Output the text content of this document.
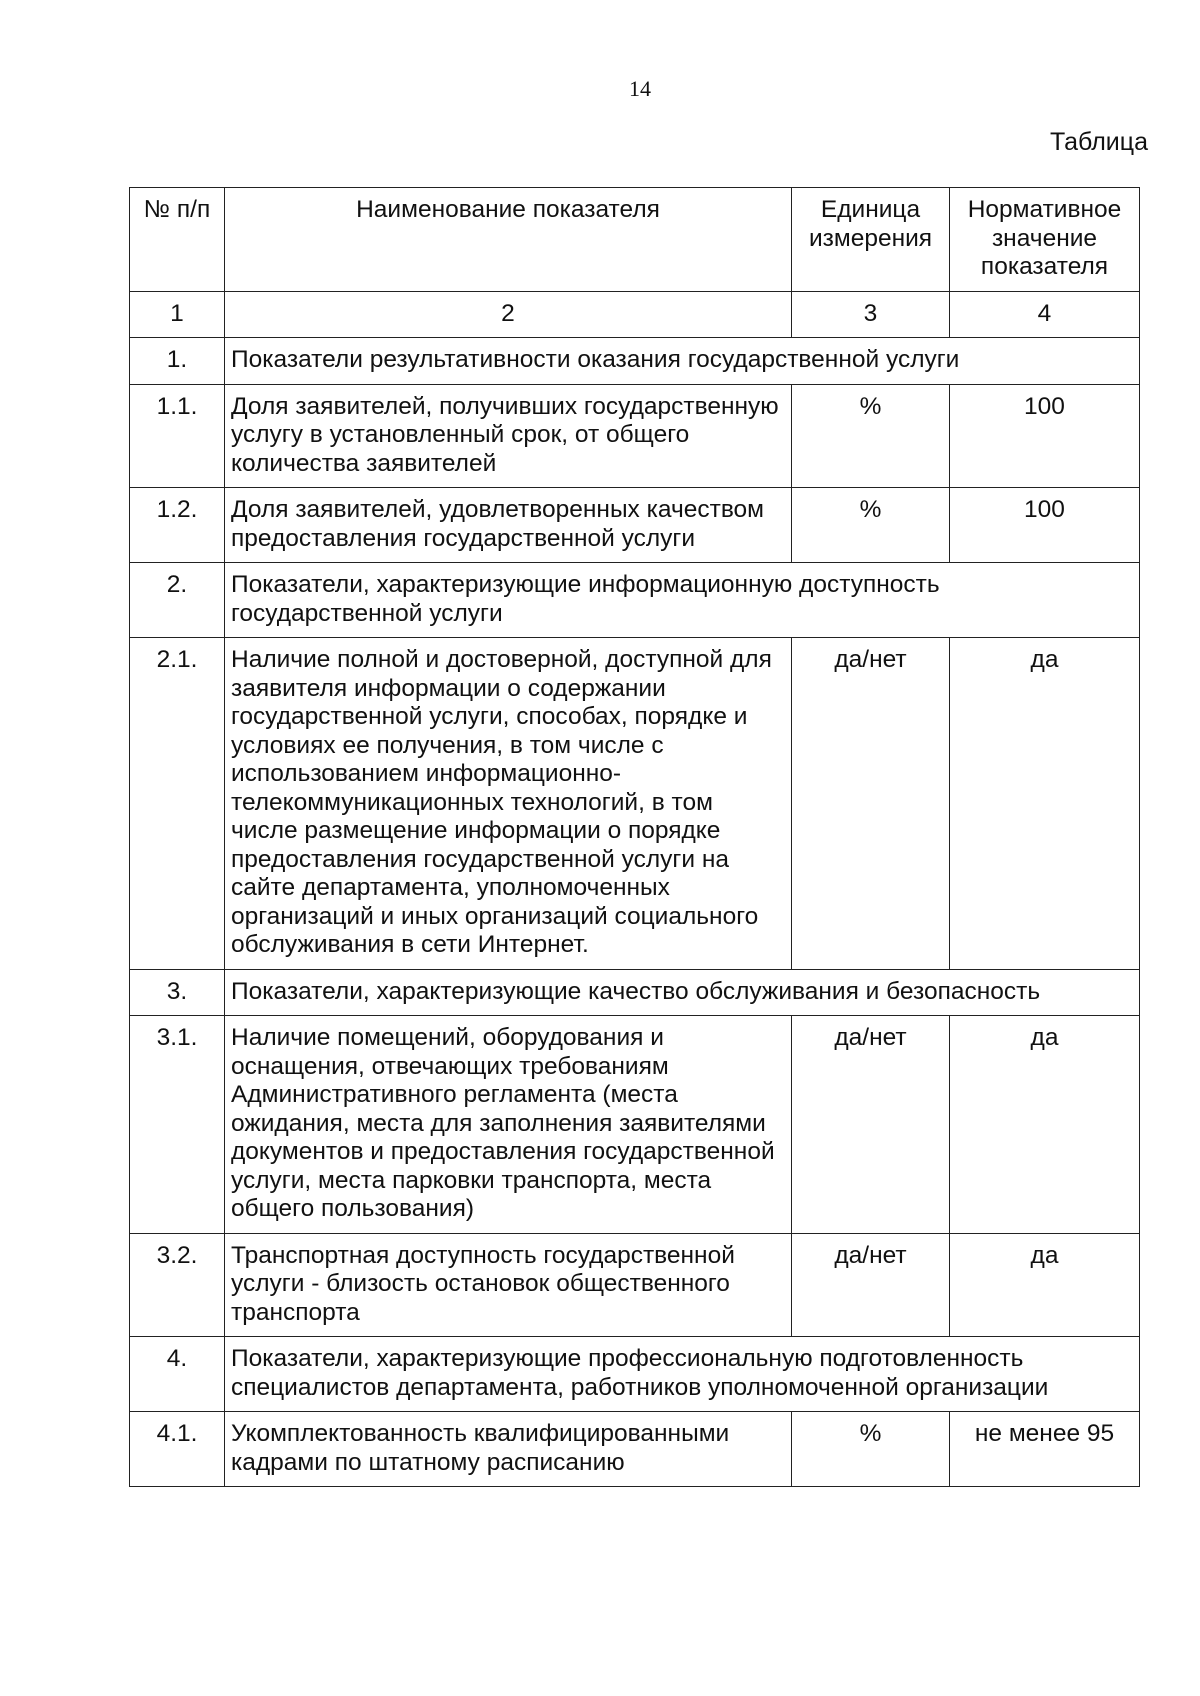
14
Таблица
№ п/п	Наименование показателя	Единица измерения	Нормативное значение показателя
1	2	3	4
1.	Показатели результативности оказания государственной услуги		
1.1.	Доля заявителей, получивших государственную услугу в установленный срок, от общего количества заявителей	%	100
1.2.	Доля заявителей, удовлетворенных качеством предоставления государственной услуги	%	100
2.	Показатели, характеризующие информационную доступность государственной услуги		
2.1.	Наличие полной и достоверной, доступной для заявителя информации о содержании государственной услуги, способах, порядке и условиях ее получения, в том числе с использованием информационно-телекоммуникационных технологий, в том числе размещение информации о порядке предоставления государственной услуги на сайте департамента, уполномоченных организаций и иных организаций социального обслуживания в сети Интернет.	да/нет	да
3.	Показатели, характеризующие качество обслуживания и безопасность		
3.1.	Наличие помещений, оборудования и оснащения, отвечающих требованиям Административного регламента (места ожидания, места для заполнения заявителями документов и предоставления государственной услуги, места парковки транспорта, места общего пользования)	да/нет	да
3.2.	Транспортная доступность государственной услуги - близость остановок общественного транспорта	да/нет	да
4.	Показатели, характеризующие профессиональную подготовленность специалистов департамента, работников уполномоченной организации		
4.1.	Укомплектованность квалифицированными кадрами по штатному расписанию	%	не менее 95
